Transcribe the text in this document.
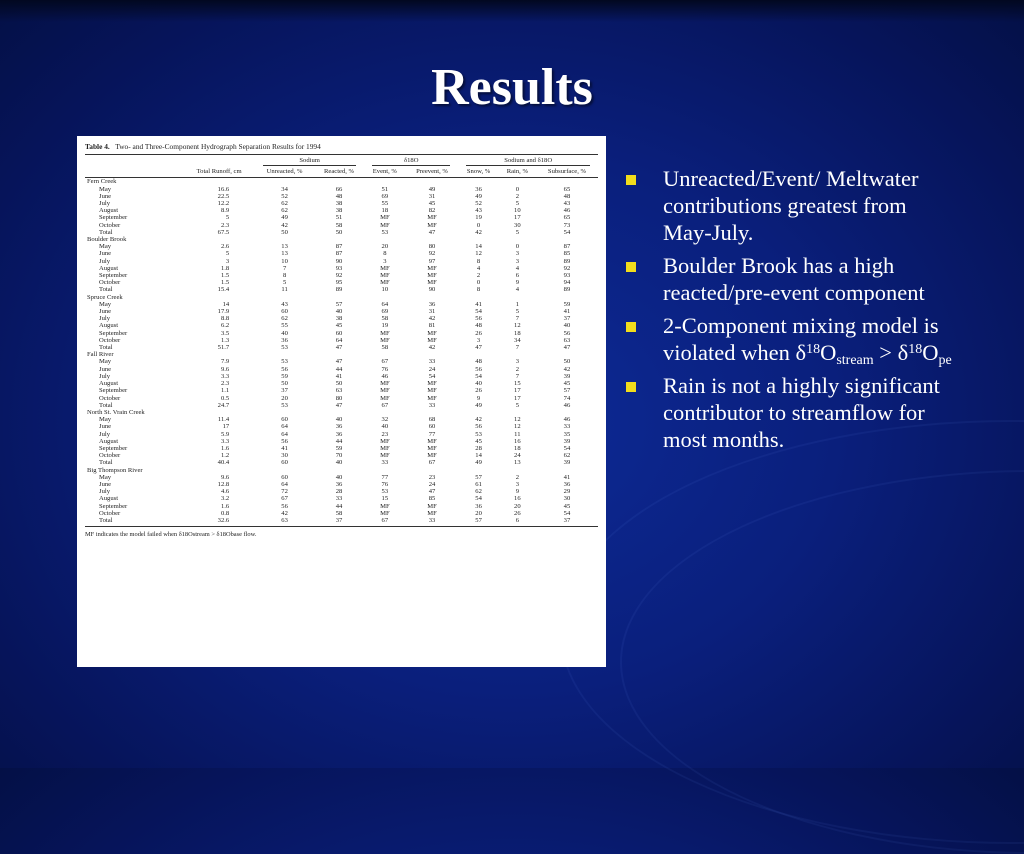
Results
Table 4. Two- and Three-Component Hydrograph Separation Results for 1994

		Sodium		δ18O		Sodium and δ18O		

	Total Runoff, cm	Unreacted, %	Reacted, %	Event, %	Preevent, %	Snow, %	Rain, %	Subsurface, %
Fern Creek								
May	16.6	34	66	51	49	36	0	65
June	22.5	52	48	69	31	49	2	48
July	12.2	62	38	55	45	52	5	43
August	8.9	62	38	18	82	43	10	46
September	5	49	51	MF	MF	19	17	65
October	2.3	42	58	MF	MF	0	30	73
Total	67.5	50	50	53	47	42	5	54
Boulder Brook								
May	2.6	13	87	20	80	14	0	87
June	5	13	87	8	92	12	3	85
July	3	10	90	3	97	8	3	89
August	1.8	7	93	MF	MF	4	4	92
September	1.5	8	92	MF	MF	2	6	93
October	1.5	5	95	MF	MF	0	9	94
Total	15.4	11	89	10	90	8	4	89
Spruce Creek								
May	14	43	57	64	36	41	1	59
June	17.9	60	40	69	31	54	5	41
July	8.8	62	38	58	42	56	7	37
August	6.2	55	45	19	81	48	12	40
September	3.5	40	60	MF	MF	26	18	56
October	1.3	36	64	MF	MF	3	34	63
Total	51.7	53	47	58	42	47	7	47
Fall River								
May	7.9	53	47	67	33	48	3	50
June	9.6	56	44	76	24	56	2	42
July	3.3	59	41	46	54	54	7	39
August	2.3	50	50	MF	MF	40	15	45
September	1.1	37	63	MF	MF	26	17	57
October	0.5	20	80	MF	MF	9	17	74
Total	24.7	53	47	67	33	49	5	46
North St. Vrain Creek								
May	11.4	60	40	32	68	42	12	46
June	17	64	36	40	60	56	12	33
July	5.9	64	36	23	77	53	11	35
August	3.3	56	44	MF	MF	45	16	39
September	1.6	41	59	MF	MF	28	18	54
October	1.2	30	70	MF	MF	14	24	62
Total	40.4	60	40	33	67	49	13	39
Big Thompson River								
May	9.6	60	40	77	23	57	2	41
June	12.8	64	36	76	24	61	3	36
July	4.6	72	28	53	47	62	9	29
August	3.2	67	33	15	85	54	16	30
September	1.6	56	44	MF	MF	36	20	45
October	0.8	42	58	MF	MF	20	26	54
Total	32.6	63	37	67	33	57	6	37
MF indicates the model failed when δ18Ostream > δ18Obase flow.
Unreacted/Event/ Meltwater contributions greatest from May-July.
Boulder Brook has a high reacted/pre-event component
2-Component mixing model is violated when $\delta^{18}O_{stream} > \delta^{18}O_{pe}$
Rain is not a highly significant contributor to streamflow for most months.
